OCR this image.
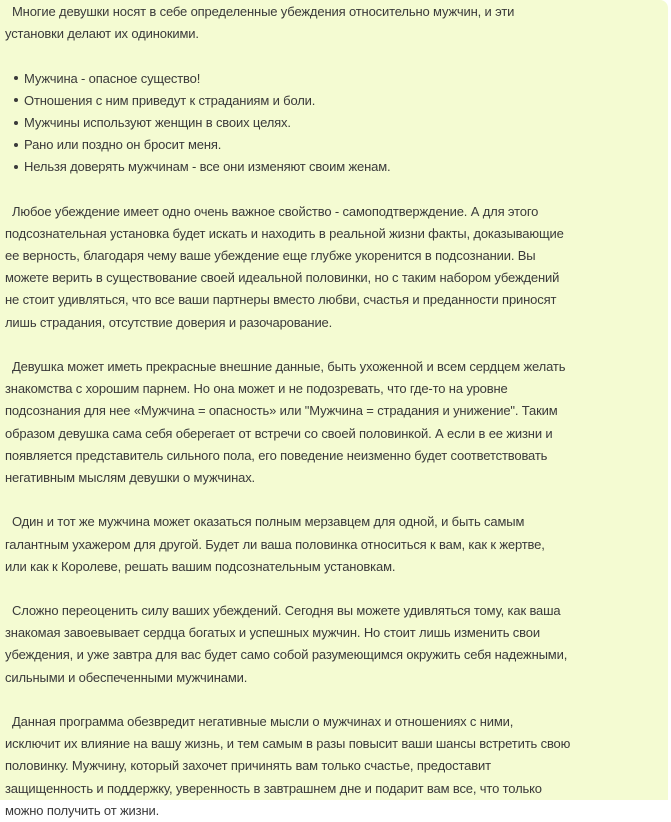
Многие девушки носят в себе определенные убеждения относительно мужчин, и эти
установки делают их одинокими.
Мужчина - опасное существо!
Отношения с ним приведут к страданиям и боли.
Мужчины используют женщин в своих целях.
Рано или поздно он бросит меня.
Нельзя доверять мужчинам - все они изменяют своим женам.
Любое убеждение имеет одно очень важное свойство - самоподтверждение. А для этого
подсознательная установка будет искать и находить в реальной жизни факты, доказывающие
ее верность, благодаря чему ваше убеждение еще глубже укоренится в подсознании. Вы
можете верить в существование своей идеальной половинки, но с таким набором убеждений
не стоит удивляться, что все ваши партнеры вместо любви, счастья и преданности приносят
лишь страдания, отсутствие доверия и разочарование.
Девушка может иметь прекрасные внешние данные, быть ухоженной и всем сердцем желать
знакомства с хорошим парнем. Но она может и не подозревать, что где-то на уровне
подсознания для нее «Мужчина = опасность» или "Мужчина = страдания и унижение". Таким
образом девушка сама себя оберегает от встречи со своей половинкой. А если в ее жизни и
появляется представитель сильного пола, его поведение неизменно будет соответствовать
негативным мыслям девушки о мужчинах.
Один и тот же мужчина может оказаться полным мерзавцем для одной, и быть самым
галантным ухажером для другой. Будет ли ваша половинка относиться к вам, как к жертве,
или как к Королеве, решать вашим подсознательным установкам.
Сложно переоценить силу ваших убеждений. Сегодня вы можете удивляться тому, как ваша
знакомая завоевывает сердца богатых и успешных мужчин. Но стоит лишь изменить свои
убеждения, и уже завтра для вас будет само собой разумеющимся окружить себя надежными,
сильными и обеспеченными мужчинами.
Данная программа обезвредит негативные мысли о мужчинах и отношениях с ними,
исключит их влияние на вашу жизнь, и тем самым в разы повысит ваши шансы встретить свою
половинку. Мужчину, который захочет причинять вам только счастье, предоставит
защищенность и поддержку, уверенность в завтрашнем дне и подарит вам все, что только
можно получить от жизни.
